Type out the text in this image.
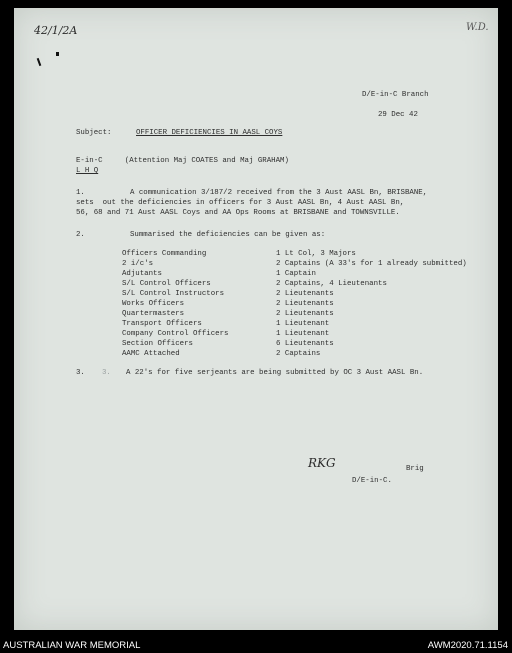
42/1/2A	W.D.
D/E-in-C Branch
29 Dec 42
Subject:	OFFICER DEFICIENCIES IN AASL COYS
E-in-C     (Attention Maj COATES and Maj GRAHAM)
L H Q
1.	A communication 3/187/2 received from the 3 Aust AASL Bn, BRISBANE,
sets  out the deficiencies in officers for 3 Aust AASL Bn, 4 Aust AASL Bn,
56, 68 and 71 Aust AASL Coys and AA Ops Rooms at BRISBANE and TOWNSVILLE.
2.	Summarised the deficiencies can be given as:
Officers Commanding	1 Lt Col, 3 Majors
2 i/c's	2 Captains (A 33's for 1 already submitted)
Adjutants	1 Captain
S/L Control Officers	2 Captains, 4 Lieutenants
S/L Control Instructors	2 Lieutenants
Works Officers	2 Lieutenants
Quartermasters	2 Lieutenants
Transport Officers	1 Lieutenant
Company Control Officers	1 Lieutenant
Section Officers	6 Lieutenants
AAMC Attached	2 Captains
3. 3. A 22's for five serjeants are being submitted by OC 3 Aust AASL Bn.
RKG	Brig
D/E-in-C.
AUSTRALIAN WAR MEMORIAL	AWM2020.71.1154
